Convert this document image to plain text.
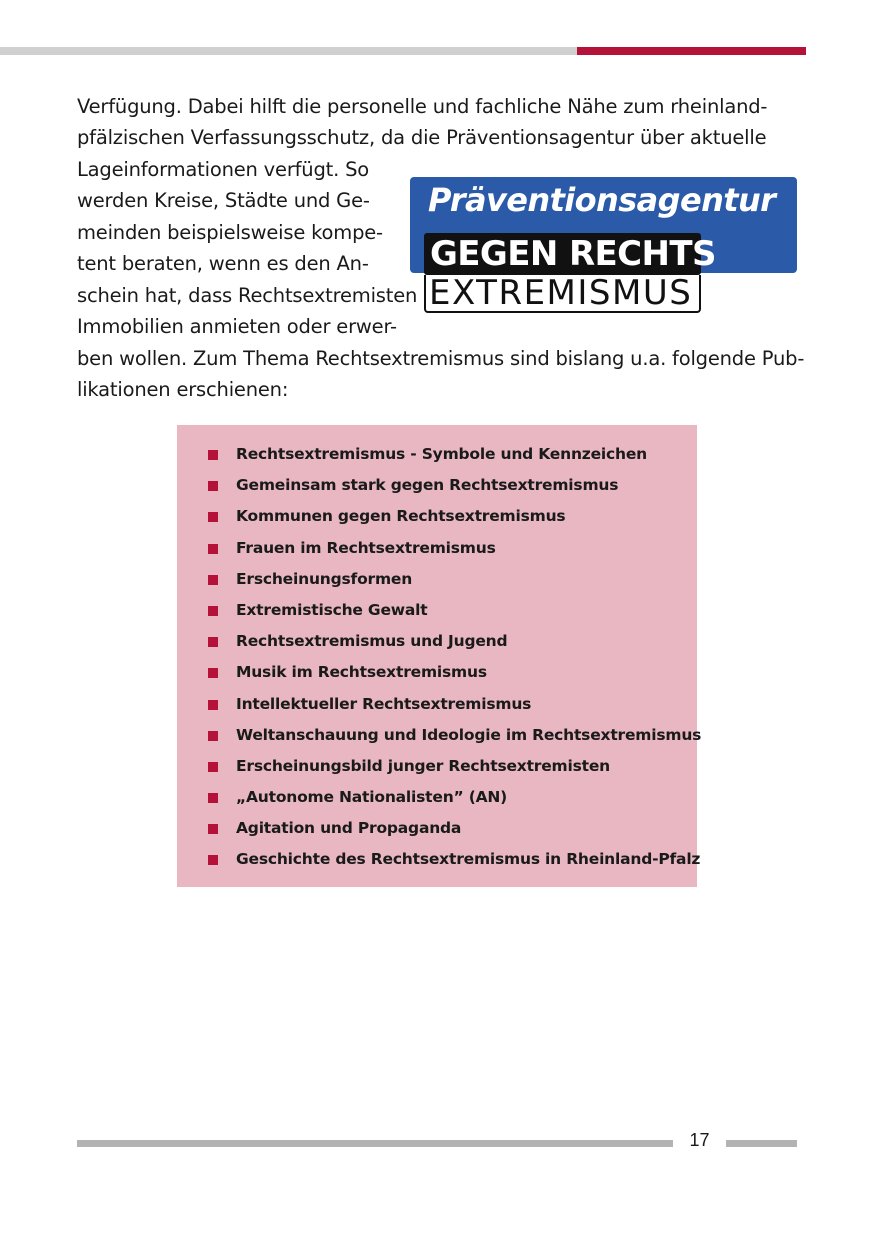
Verfügung. Dabei hilft die personelle und fachliche Nähe zum rheinland-
pfälzischen Verfassungsschutz, da die Präventionsagentur über aktuelle
Lageinformationen verfügt. So
werden Kreise, Städte und Ge-
meinden beispielsweise kompe-
tent beraten, wenn es den An-
schein hat, dass Rechtsextremisten
Immobilien anmieten oder erwer-
ben wollen. Zum Thema Rechtsextremismus sind bislang u.a. folgende Pub-
likationen erschienen:
Präventionsagentur
GEGEN RECHTS
EXTREMISMUS
Rechtsextremismus - Symbole und Kennzeichen
Gemeinsam stark gegen Rechtsextremismus
Kommunen gegen Rechtsextremismus
Frauen im Rechtsextremismus
Erscheinungsformen
Extremistische Gewalt
Rechtsextremismus und Jugend
Musik im Rechtsextremismus
Intellektueller Rechtsextremismus
Weltanschauung und Ideologie im Rechtsextremismus
Erscheinungsbild junger Rechtsextremisten
„Autonome Nationalisten” (AN)
Agitation und Propaganda
Geschichte des Rechtsextremismus in Rheinland-Pfalz
17
